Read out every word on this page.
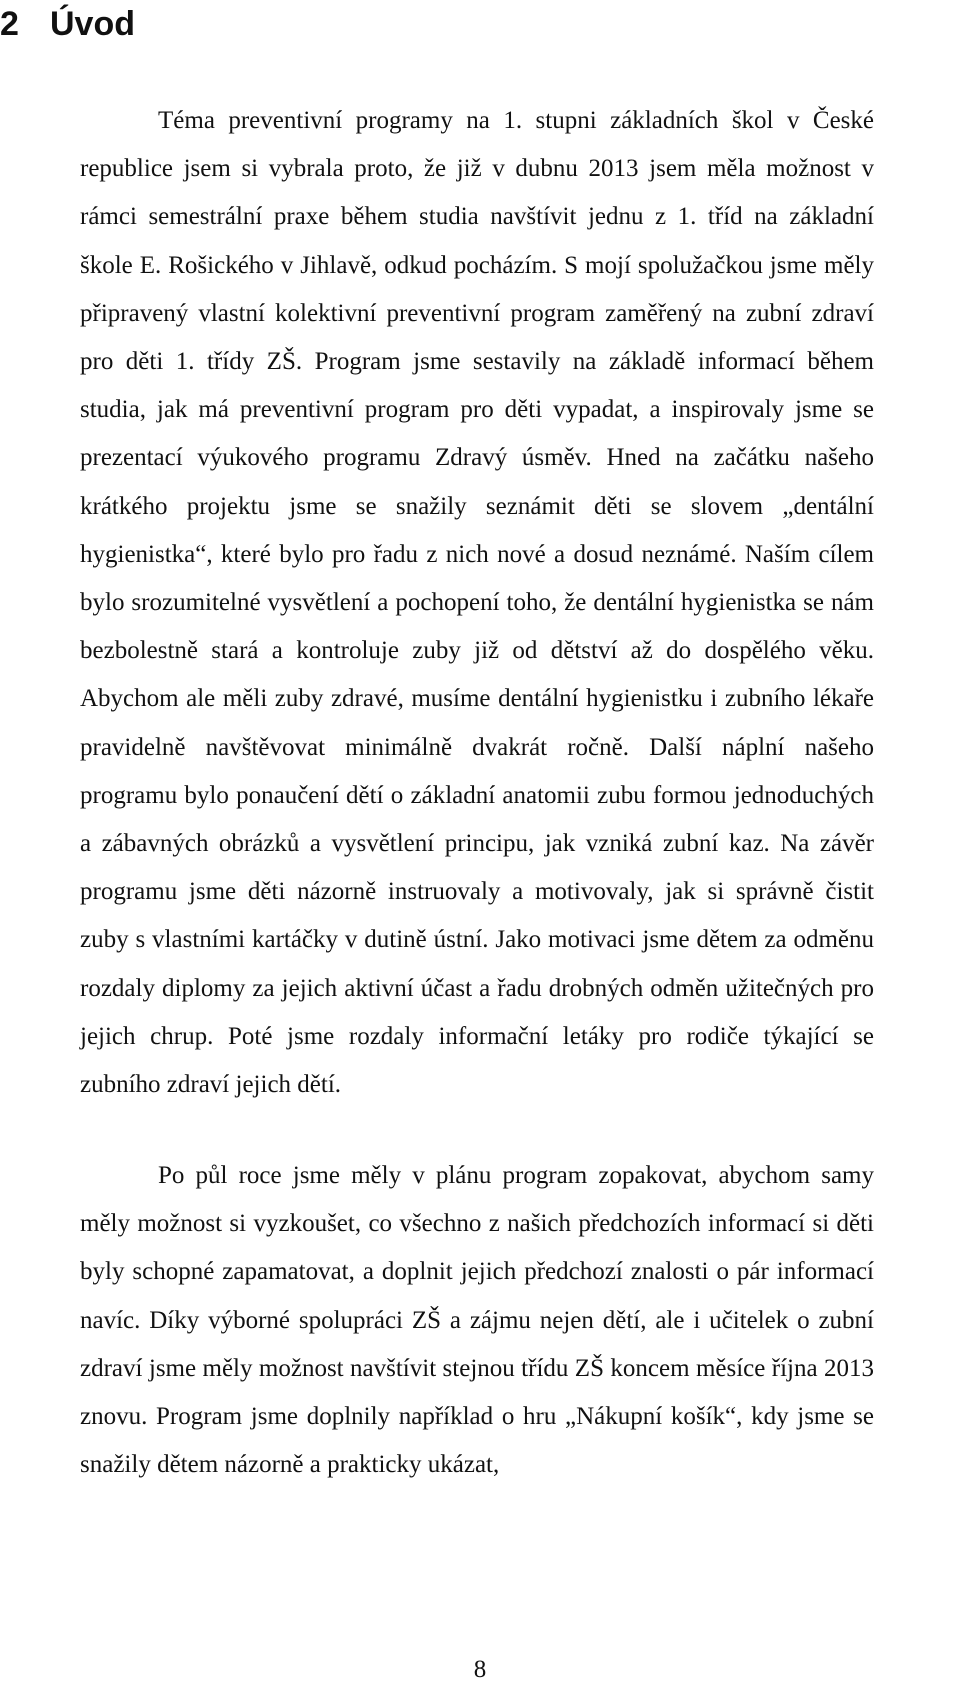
2 Úvod

Téma preventivní programy na 1. stupni základních škol v České republice jsem si vybrala proto, že již v dubnu 2013 jsem měla možnost v rámci semestrální praxe během studia navštívit jednu z 1. tříd na základní škole E. Rošického v Jihlavě, odkud pocházím. S mojí spolužačkou jsme měly připravený vlastní kolektivní preventivní program zaměřený na zubní zdraví pro děti 1. třídy ZŠ. Program jsme sestavily na základě informací během studia, jak má preventivní program pro děti vypadat, a inspirovaly jsme se prezentací výukového programu Zdravý úsměv. Hned na začátku našeho krátkého projektu jsme se snažily seznámit děti se slovem „dentální hygienistka“, které bylo pro řadu z nich nové a dosud neznámé. Naším cílem bylo srozumitelné vysvětlení a pochopení toho, že dentální hygienistka se nám bezbolestně stará a kontroluje zuby již od dětství až do dospělého věku. Abychom ale měli zuby zdravé, musíme dentální hygienistku i zubního lékaře pravidelně navštěvovat minimálně dvakrát ročně. Další náplní našeho programu bylo ponaučení dětí o základní anatomii zubu formou jednoduchých a zábavných obrázků a vysvětlení principu, jak vzniká zubní kaz. Na závěr programu jsme děti názorně instruovaly a motivovaly, jak si správně čistit zuby s vlastními kartáčky v dutině ústní. Jako motivaci jsme dětem za odměnu rozdaly diplomy za jejich aktivní účast a řadu drobných odměn užitečných pro jejich chrup. Poté jsme rozdaly informační letáky pro rodiče týkající se zubního zdraví jejich dětí.

Po půl roce jsme měly v plánu program zopakovat, abychom samy měly možnost si vyzkoušet, co všechno z našich předchozích informací si děti byly schopné zapamatovat, a doplnit jejich předchozí znalosti o pár informací navíc. Díky výborné spolupráci ZŠ a zájmu nejen dětí, ale i učitelek o zubní zdraví jsme měly možnost navštívit stejnou třídu ZŠ koncem měsíce října 2013 znovu. Program jsme doplnily například o hru „Nákupní košík“, kdy jsme se snažily dětem názorně a prakticky ukázat,

8
